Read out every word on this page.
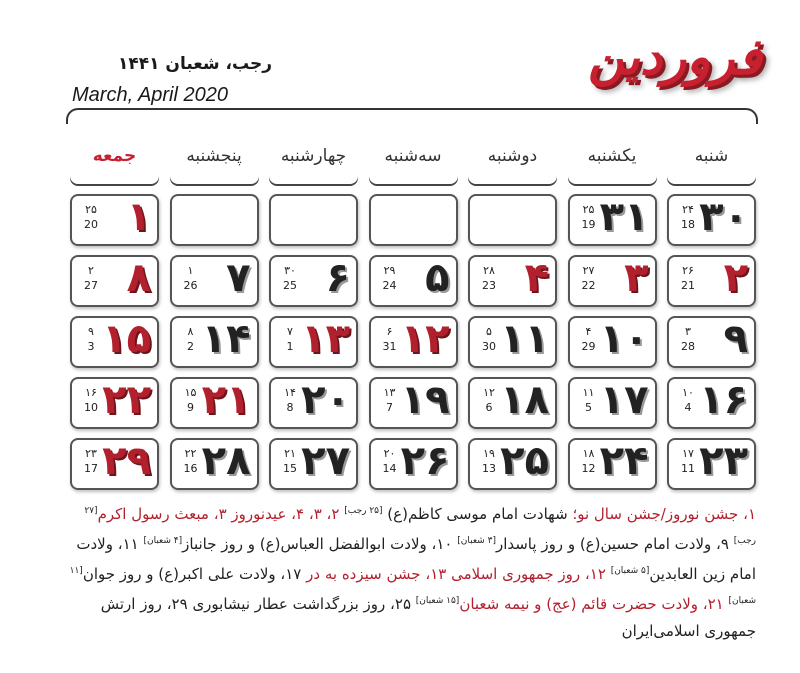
رجب، شعبان ۱۴۴۱
March, April 2020
فروردین
شنبه
یکشنبه
دوشنبه
سه‌شنبه
چهارشنبه
پنجشنبه
جمعه
۳۰
۲۴
18
۳۱
۲۵
19
۱
۲۵
20
۲
۲۶
21
۳
۲۷
22
۴
۲۸
23
۵
۲۹
24
۶
۳۰
25
۷
۱
26
۸
۲
27
۹
۳
28
۱۰
۴
29
۱۱
۵
30
۱۲
۶
31
۱۳
۷
1
۱۴
۸
2
۱۵
۹
3
۱۶
۱۰
4
۱۷
۱۱
5
۱۸
۱۲
6
۱۹
۱۳
7
۲۰
۱۴
8
۲۱
۱۵
9
۲۲
۱۶
10
۲۳
۱۷
11
۲۴
۱۸
12
۲۵
۱۹
13
۲۶
۲۰
14
۲۷
۲۱
15
۲۸
۲۲
16
۲۹
۲۳
17
۱، جشن نوروز/جشن سال نو؛ شهادت امام موسی کاظم(ع) [۲۵ رجب] ۲، ۳، ۴، عیدنوروز ۳، مبعث رسول اکرم[۲۷ رجب] ۹، ولادت امام حسین(ع) و روز پاسدار[۳ شعبان] ۱۰، ولادت ابوالفضل العباس(ع) و روز جانباز[۴ شعبان] ۱۱، ولادت امام زین العابدین[۵ شعبان] ۱۲، روز جمهوری اسلامی ۱۳، جشن سیزده به در ۱۷، ولادت علی اکبر(ع) و روز جوان[۱۱ شعبان] ۲۱، ولادت حضرت قائم (عج) و نیمه شعبان[۱۵ شعبان] ۲۵، روز بزرگداشت عطار نیشابوری ۲۹، روز ارتش جمهوری اسلامی‌ایران
